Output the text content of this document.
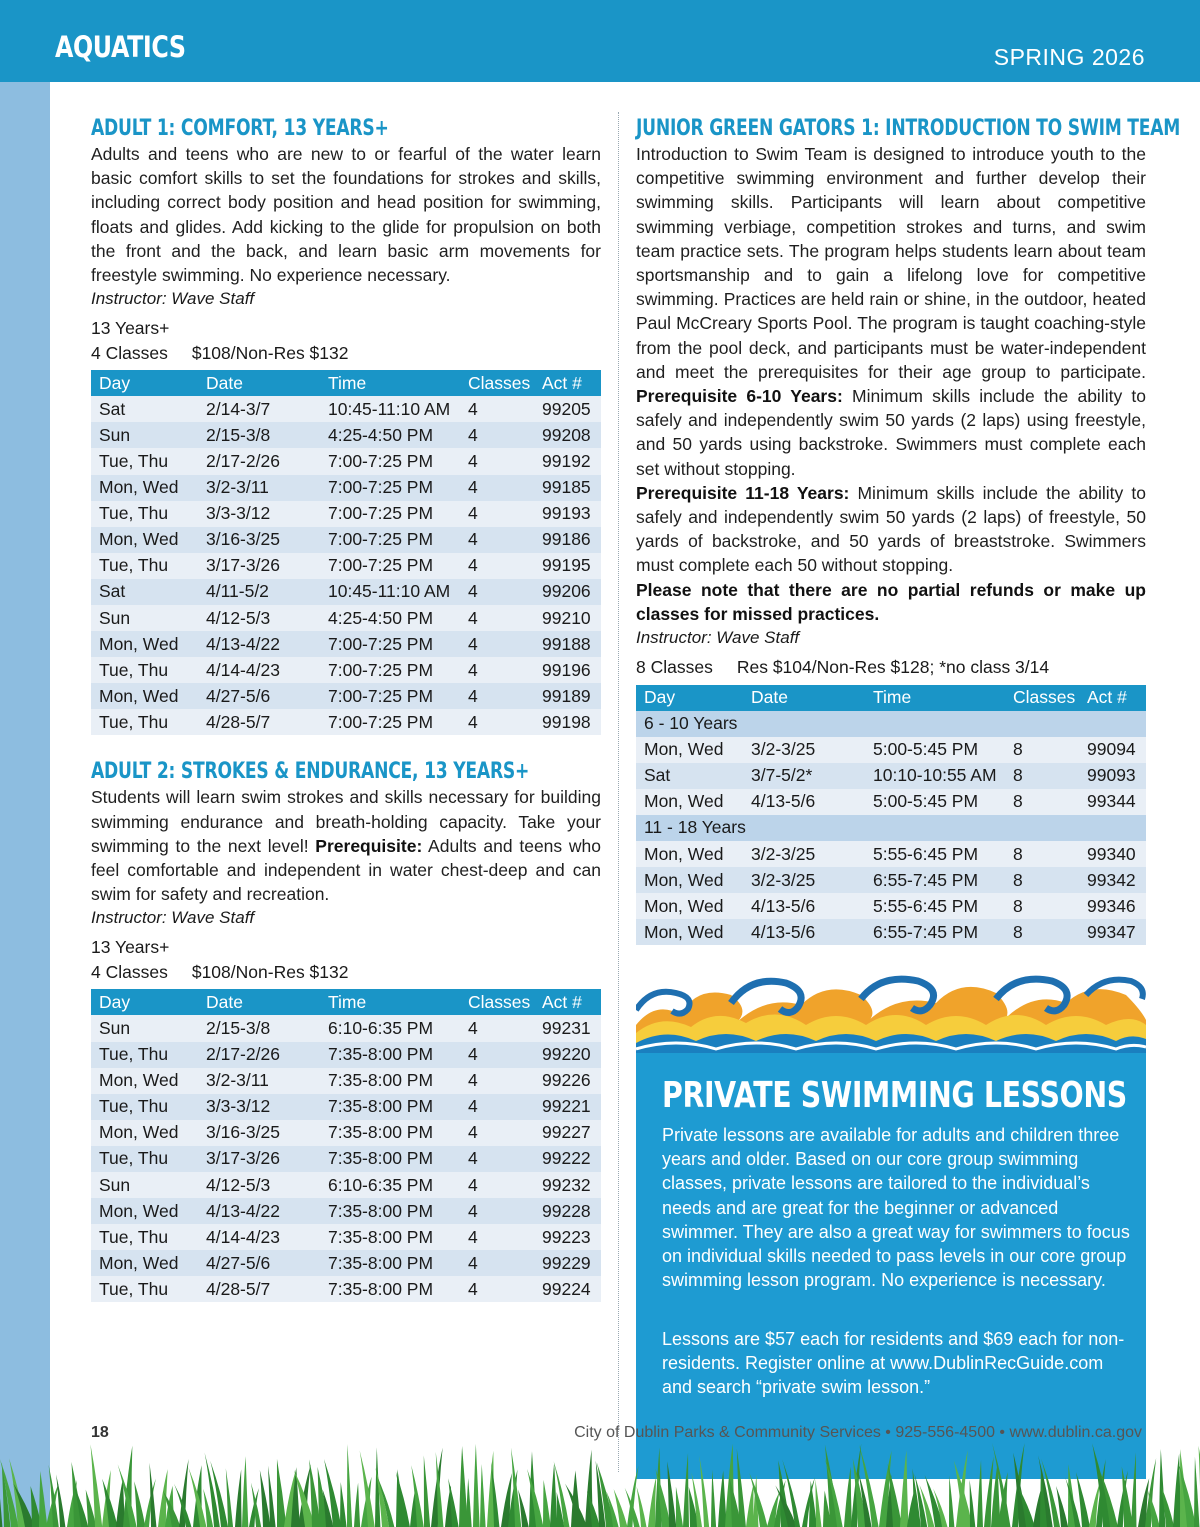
AQUATICS	SPRING 2026
ADULT 1: COMFORT, 13 YEARS+

Adults and teens who are new to or fearful of the water learn basic comfort skills to set the foundations for strokes and skills, including correct body position and head position for swimming, floats and glides. Add kicking to the glide for propulsion on both the front and the back, and learn basic arm movements for freestyle swimming. No experience necessary.

Instructor: Wave Staff
13 Years+
4 Classes $108/Non-Res $132
Day	Date	Time	Classes	Act #
Sat	2/14-3/7	10:45-11:10 AM	4	99205
Sun	2/15-3/8	4:25-4:50 PM	4	99208
Tue, Thu	2/17-2/26	7:00-7:25 PM	4	99192
Mon, Wed	3/2-3/11	7:00-7:25 PM	4	99185
Tue, Thu	3/3-3/12	7:00-7:25 PM	4	99193
Mon, Wed	3/16-3/25	7:00-7:25 PM	4	99186
Tue, Thu	3/17-3/26	7:00-7:25 PM	4	99195
Sat	4/11-5/2	10:45-11:10 AM	4	99206
Sun	4/12-5/3	4:25-4:50 PM	4	99210
Mon, Wed	4/13-4/22	7:00-7:25 PM	4	99188
Tue, Thu	4/14-4/23	7:00-7:25 PM	4	99196
Mon, Wed	4/27-5/6	7:00-7:25 PM	4	99189
Tue, Thu	4/28-5/7	7:00-7:25 PM	4	99198
ADULT 2: STROKES & ENDURANCE, 13 YEARS+

Students will learn swim strokes and skills necessary for building swimming endurance and breath-holding capacity. Take your swimming to the next level! Prerequisite: Adults and teens who feel comfortable and independent in water chest-deep and can swim for safety and recreation.

Instructor: Wave Staff
13 Years+
4 Classes $108/Non-Res $132
Day	Date	Time	Classes	Act #
Sun	2/15-3/8	6:10-6:35 PM	4	99231
Tue, Thu	2/17-2/26	7:35-8:00 PM	4	99220
Mon, Wed	3/2-3/11	7:35-8:00 PM	4	99226
Tue, Thu	3/3-3/12	7:35-8:00 PM	4	99221
Mon, Wed	3/16-3/25	7:35-8:00 PM	4	99227
Tue, Thu	3/17-3/26	7:35-8:00 PM	4	99222
Sun	4/12-5/3	6:10-6:35 PM	4	99232
Mon, Wed	4/13-4/22	7:35-8:00 PM	4	99228
Tue, Thu	4/14-4/23	7:35-8:00 PM	4	99223
Mon, Wed	4/27-5/6	7:35-8:00 PM	4	99229
Tue, Thu	4/28-5/7	7:35-8:00 PM	4	99224
JUNIOR GREEN GATORS 1: INTRODUCTION TO SWIM TEAM

Introduction to Swim Team is designed to introduce youth to the competitive swimming environment and further develop their swimming skills. Participants will learn about competitive swimming verbiage, competition strokes and turns, and swim team practice sets. The program helps students learn about team sportsmanship and to gain a lifelong love for competitive swimming. Practices are held rain or shine, in the outdoor, heated Paul McCreary Sports Pool. The program is taught coaching-style from the pool deck, and participants must be water-independent and meet the prerequisites for their age group to participate. Prerequisite 6-10 Years: Minimum skills include the ability to safely and independently swim 50 yards (2 laps) using freestyle, and 50 yards using backstroke. Swimmers must complete each set without stopping.

Prerequisite 11-18 Years: Minimum skills include the ability to safely and independently swim 50 yards (2 laps) of freestyle, 50 yards of backstroke, and 50 yards of breaststroke. Swimmers must complete each 50 without stopping.

Please note that there are no partial refunds or make up classes for missed practices.

Instructor: Wave Staff
8 Classes Res $104/Non-Res $128; *no class 3/14
Day	Date	Time	Classes	Act #
6 - 10 Years				
Mon, Wed	3/2-3/25	5:00-5:45 PM	8	99094
Sat	3/7-5/2*	10:10-10:55 AM	8	99093
Mon, Wed	4/13-5/6	5:00-5:45 PM	8	99344
11 - 18 Years				
Mon, Wed	3/2-3/25	5:55-6:45 PM	8	99340
Mon, Wed	3/2-3/25	6:55-7:45 PM	8	99342
Mon, Wed	4/13-5/6	5:55-6:45 PM	8	99346
Mon, Wed	4/13-5/6	6:55-7:45 PM	8	99347
PRIVATE SWIMMING LESSONS

Private lessons are available for adults and children three years and older. Based on our core group swimming classes, private lessons are tailored to the individual’s needs and are great for the beginner or advanced swimmer. They are also a great way for swimmers to focus on individual skills needed to pass levels in our core group swimming lesson program. No experience is necessary.

Lessons are $57 each for residents and $69 each for non-residents. Register online at www.DublinRecGuide.com and search “private swim lesson.”

18	City of Dublin Parks & Community Services • 925-556-4500 • www.dublin.ca.gov
